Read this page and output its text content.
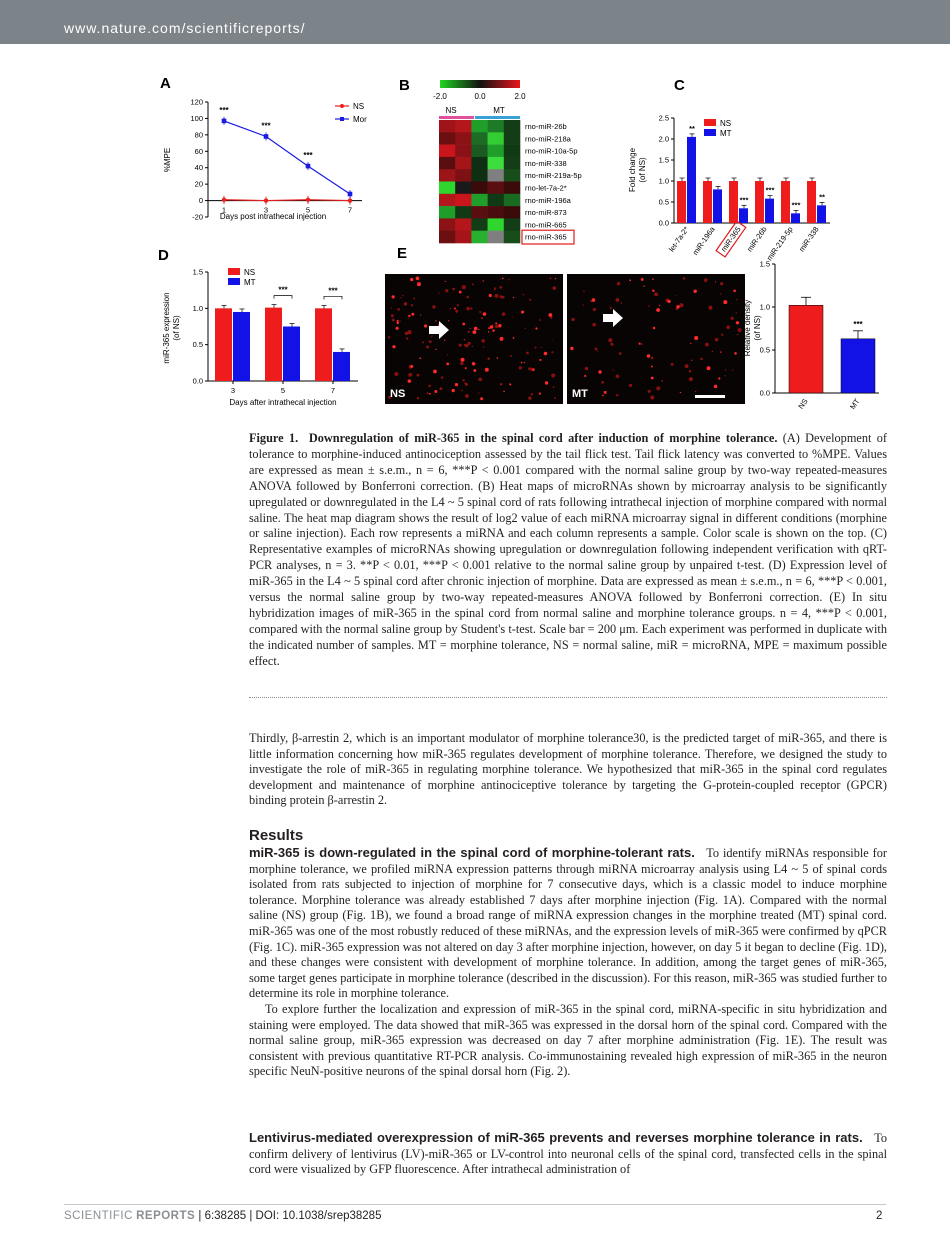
www.nature.com/scientificreports/
A
-20
0
20
40
60
80
100
120
1	3	5	7
Days post intrathecal injection
%MPE
NS
Mor
***
***
***
B
-2.0	0.0	2.0
NS	MT
rno-miR-26b
rno-miR-218a
rno-miR-10a-5p
rno-miR-338
rno-miR-219a-5p
rno-let-7a-2*
rno-miR-196a
rno-miR-873
rno-miR-665
rno-miR-365
C
0.0
0.5
1.0
1.5
2.0
2.5
**
let-7a-2* miR-196a
***
miR-365
***
miR-26b
***
miR-219-5p
**
miR-338
NS
MT
Fold change(of NS)
D
0.0
0.5
1.0
1.5
3
***
5
***
7
NS
MT
Days after intrathecal injection
miR-365 expression(of NS)
E
NS	MT	0.0
0.5
1.0
1.5
NS
***
MT
Relative density(of NS)
Figure 1. Downregulation of miR-365 in the spinal cord after induction of morphine tolerance. (A) Development of tolerance to morphine-induced antinociception assessed by the tail flick test. Tail flick latency was converted to %MPE. Values are expressed as mean ± s.e.m., n = 6, ***P < 0.001 compared with the normal saline group by two-way repeated-measures ANOVA followed by Bonferroni correction. (B) Heat maps of microRNAs shown by microarray analysis to be significantly upregulated or downregulated in the L4 ~ 5 spinal cord of rats following intrathecal injection of morphine compared with normal saline. The heat map diagram shows the result of log2 value of each miRNA microarray signal in different conditions (morphine or saline injection). Each row represents a miRNA and each column represents a sample. Color scale is shown on the top. (C) Representative examples of microRNAs showing upregulation or downregulation following independent verification with qRT-PCR analyses, n = 3. **P < 0.01, ***P < 0.001 relative to the normal saline group by unpaired t-test. (D) Expression level of miR-365 in the L4 ~ 5 spinal cord after chronic injection of morphine. Data are expressed as mean ± s.e.m., n = 6, ***P < 0.001, versus the normal saline group by two-way repeated-measures ANOVA followed by Bonferroni correction. (E) In situ hybridization images of miR-365 in the spinal cord from normal saline and morphine tolerance groups. n = 4, ***P < 0.001, compared with the normal saline group by Student's t-test. Scale bar = 200 μm. Each experiment was performed in duplicate with the indicated number of samples. MT = morphine tolerance, NS = normal saline, miR = microRNA, MPE = maximum possible effect.

Thirdly, β-arrestin 2, which is an important modulator of morphine tolerance30, is the predicted target of miR-365, and there is little information concerning how miR-365 regulates development of morphine tolerance. Therefore, we designed the study to investigate the role of miR-365 in regulating morphine tolerance. We hypothesized that miR-365 in the spinal cord regulates development and maintenance of morphine antinociceptive tolerance by targeting the G-protein-coupled receptor (GPCR) binding protein β-arrestin 2.

Results

miR-365 is down-regulated in the spinal cord of morphine-tolerant rats. To identify miRNAs responsible for morphine tolerance, we profiled miRNA expression patterns through miRNA microarray analysis using L4 ~ 5 of spinal cords isolated from rats subjected to injection of morphine for 7 consecutive days, which is a classic model to induce morphine tolerance. Morphine tolerance was already established 7 days after morphine injection (Fig. 1A). Compared with the normal saline (NS) group (Fig. 1B), we found a broad range of miRNA expression changes in the morphine treated (MT) spinal cord. miR-365 was one of the most robustly reduced of these miRNAs, and the expression levels of miR-365 were confirmed by qPCR (Fig. 1C). miR-365 expression was not altered on day 3 after morphine injection, however, on day 5 it began to decline (Fig. 1D), and these changes were consistent with development of morphine tolerance. In addition, among the target genes of miR-365, some target genes participate in morphine tolerance (described in the discussion). For this reason, miR-365 was studied further to determine its role in morphine tolerance.

To explore further the localization and expression of miR-365 in the spinal cord, miRNA-specific in situ hybridization and staining were employed. The data showed that miR-365 was expressed in the dorsal horn of the spinal cord. Compared with the normal saline group, miR-365 expression was decreased on day 7 after morphine administration (Fig. 1E). The result was consistent with previous quantitative RT-PCR analysis. Co-immunostaining revealed high expression of miR-365 in the neuron specific NeuN-positive neurons of the spinal dorsal horn (Fig. 2).

Lentivirus-mediated overexpression of miR-365 prevents and reverses morphine tolerance in rats. To confirm delivery of lentivirus (LV)-miR-365 or LV-control into neuronal cells of the spinal cord, transfected cells in the spinal cord were visualized by GFP fluorescence. After intrathecal administration of

SCIENTIFIC REPORTS | 6:38285 | DOI: 10.1038/srep38285	2
